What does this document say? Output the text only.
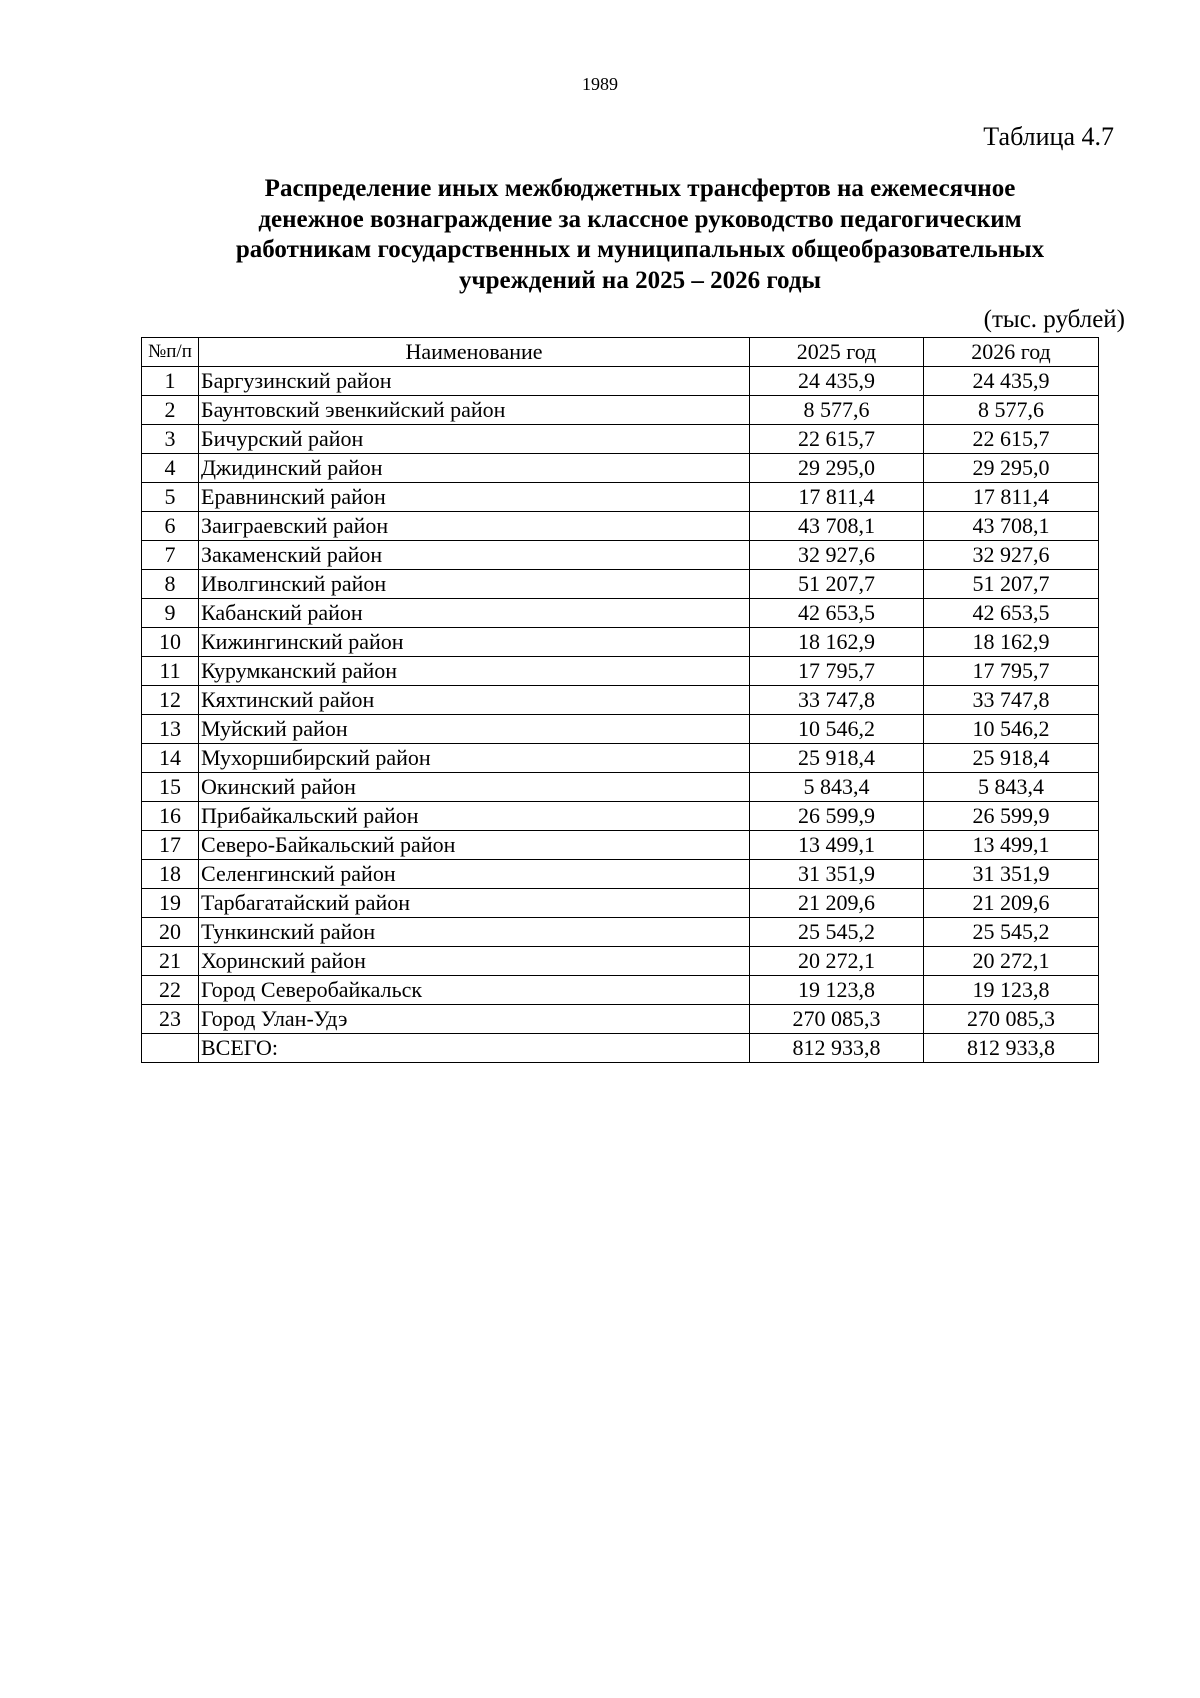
1989
Таблица 4.7
Распределение иных межбюджетных трансфертов на ежемесячное
денежное вознаграждение за классное руководство педагогическим
работникам государственных и муниципальных общеобразовательных
учреждений на 2025 – 2026 годы
(тыс. рублей)
№п/п	Наименование	2025 год	2026 год
1	Баргузинский район	24 435,9	24 435,9
2	Баунтовский эвенкийский район	8 577,6	8 577,6
3	Бичурский район	22 615,7	22 615,7
4	Джидинский район	29 295,0	29 295,0
5	Еравнинский район	17 811,4	17 811,4
6	Заиграевский район	43 708,1	43 708,1
7	Закаменский район	32 927,6	32 927,6
8	Иволгинский район	51 207,7	51 207,7
9	Кабанский район	42 653,5	42 653,5
10	Кижингинский район	18 162,9	18 162,9
11	Курумканский район	17 795,7	17 795,7
12	Кяхтинский район	33 747,8	33 747,8
13	Муйский район	10 546,2	10 546,2
14	Мухоршибирский район	25 918,4	25 918,4
15	Окинский район	5 843,4	5 843,4
16	Прибайкальский район	26 599,9	26 599,9
17	Северо-Байкальский район	13 499,1	13 499,1
18	Селенгинский район	31 351,9	31 351,9
19	Тарбагатайский район	21 209,6	21 209,6
20	Тункинский район	25 545,2	25 545,2
21	Хоринский район	20 272,1	20 272,1
22	Город Северобайкальск	19 123,8	19 123,8
23	Город Улан-Удэ	270 085,3	270 085,3
	ВСЕГО:	812 933,8	812 933,8
